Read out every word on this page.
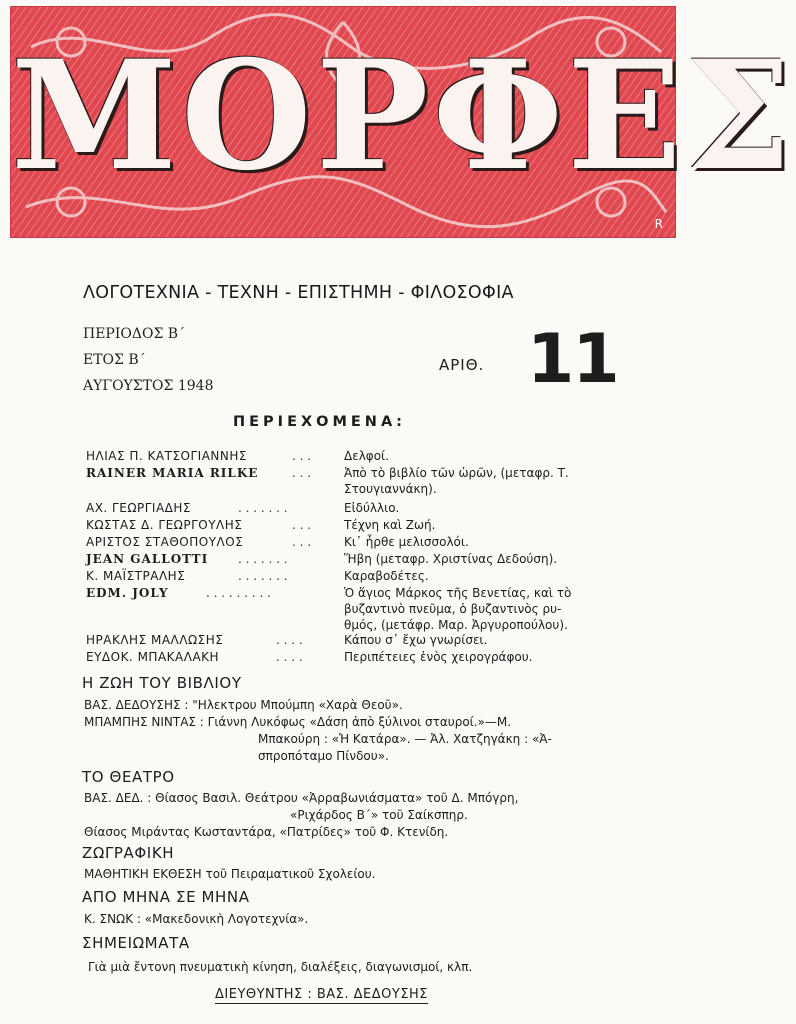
ΜΟΡΦΕΣ
R
ΛΟΓΟΤΕΧΝΙΑ - ΤΕΧΝΗ - ΕΠΙΣΤΗΜΗ - ΦΙΛΟΣΟΦΙΑ
ΠΕΡΙΟΔΟΣ Β΄
ΕΤΟΣ Β΄
ΑΥΓΟΥΣΤΟΣ 1948
ΑΡΙΘ. 11
ΠΕΡΙΕΧΟΜΕΝΑ:
ΗΛΙΑΣ Π. ΚΑΤΣΟΓΙΑΝΝΗΣ	. . .	Δελφοί.
RAINER MARIA RILKE	. . .	Ἀπὸ τὸ βιβλίο τῶν ὡρῶν, (μεταφρ. Τ.
Στουγιαννάκη).
ΑΧ. ΓΕΩΡΓΙΑΔΗΣ	. . . . . . .	Εἰδύλλιο.
ΚΩΣΤΑΣ Δ. ΓΕΩΡΓΟΥΛΗΣ	. . .	Τέχνη καὶ Ζωή.
ΑΡΙΣΤΟΣ ΣΤΑΘΟΠΟΥΛΟΣ	. . .	Κι᾽ ἦρθε μελισσολόι.
JEAN GALLOTTI . . . . . . .	Ἥβη (μεταφρ. Χριστίνας Δεδούση).
Κ. ΜΑΪΣΤΡΑΛΗΣ	. . . . . . .	Καραβοδέτες.
EDM. JOLY	. . . . . . . . .	Ὁ ἅγιος Μάρκος τῆς Βενετίας, καὶ τὸ
βυζαντινὸ πνεῦμα, ὁ βυζαντινὸς ρυ-
θμός, (μετάφρ. Μαρ. Ἀργυροπούλου).
ΗΡΑΚΛΗΣ ΜΑΛΛΩΣΗΣ	. . . .	Κάπου σ᾽ ἔχω γνωρίσει.
ΕΥΔΟΚ. ΜΠΑΚΑΛΑΚΗ	. . . .	Περιπέτειες ἑνὸς χειρογράφου.
Η ΖΩΗ ΤΟΥ ΒΙΒΛΙΟΥ
ΒΑΣ. ΔΕΔΟΥΣΗΣ : "Ηλεκτρου Μπούμπη «Χαρὰ Θεοῦ».
ΜΠΑΜΠΗΣ ΝΙΝΤΑΣ : Γιάννη Λυκόφως «Δάση ἀπὸ ξύλινοι σταυροί.»—Μ.
Μπακούρη : «Ἡ Κατάρα». — Ἀλ. Χατζηγάκη : «Ἀ-
σπροπόταμο Πίνδου».
ΤΟ ΘΕΑΤΡΟ
ΒΑΣ. ΔΕΔ. : Θίασος Βασιλ. Θεάτρου «Ἀρραβωνιάσματα» τοῦ Δ. Μπόγρη,
«Ριχάρδος Β΄» τοῦ Σαίκσπηρ.
Θίασος Μιράντας Κωσταντάρα, «Πατρίδες» τοῦ Φ. Κτενίδη.
ΖΩΓΡΑΦΙΚΗ
ΜΑΘΗΤΙΚΗ ΕΚΘΕΣΗ τοῦ Πειραματικοῦ Σχολείου.
ΑΠΟ ΜΗΝΑ ΣΕ ΜΗΝΑ
Κ. ΣΝΩΚ : «Μακεδονικὴ Λογοτεχνία».
ΣΗΜΕΙΩΜΑΤΑ
Γιὰ μιὰ ἔντονη πνευματικὴ κίνηση, διαλέξεις, διαγωνισμοί, κλπ.
ΔΙΕΥΘΥΝΤΗΣ : ΒΑΣ. ΔΕΔΟΥΣΗΣ
